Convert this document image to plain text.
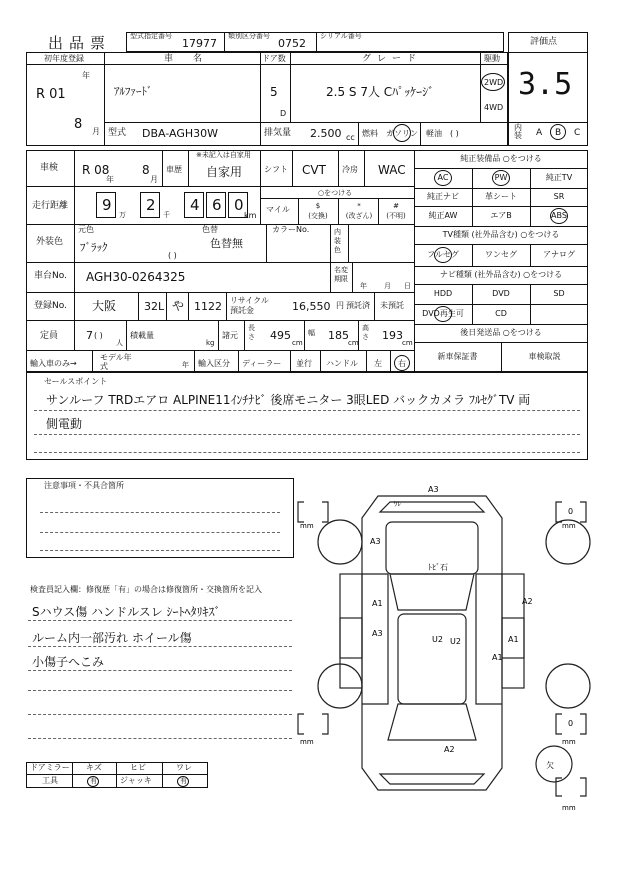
出品票	型式指定番号
17977
類別区分番号
0752
シリアル番号
評価点
3.5
初年度登録
R 01
年
8 月
車名
ｱﾙﾌｧｰﾄﾞ
ドア数
5
D
グレード
2.5 S 7人 Cﾊﾟｯｹｰｼﾞ
駆動
2WD
4WD
型式 DBA-AGH30W	排気量 2.500 cc 燃料 ガソリン 軽油 ( )
内装 A B C
車検 R 08
年
8
月
車歴
※未記入は自家用
自家用	シフト CVT 冷房 WAC
走行距離 9 2 4 6 0
万	千	km
○をつける
マイル	$
(交換)
*
(改ざん)
#
(不明)
外装色
元色
ﾌﾞﾗｯｸ
色替
色替無
( )
カラーNo.	内装色
車台No. AGH30-0264325	名変期限
年 月 日
登録No. 大阪	32L や 1122 リサイクル預託金	16,550 円 預託済 未預託
定員	7 ( )
人
積載量
kg
諸元
長さ 495
cm
幅 185
cm
高さ 193
cm
輸入車のみ→
モデル年式	年 輸入区分 ディーラー 並行 ハンドル 左 右
純正装備品 ○をつける
AC	PW	純正TV
純正ナビ	革シート	SR
純正AW	エアB	ABS
TV種類 (社外品含む) ○をつける
フルセグ	ワンセグ	アナログ
ナビ種類 (社外品含む) ○をつける
HDD	DVD	SD
DVD再生可	CD
後日発送品 ○をつける
新車保証書	車検取説
セールスポイント
サンルーフ TRDエアロ ALPINE11ｲﾝﾁﾅﾋﾞ 後席モニター 3眼LED バックカメラ ﾌﾙｾｸﾞTV 両
側電動
注意事項・不具合箇所
検査員記入欄：修復歴「有」の場合は修復箇所・交換箇所を記入
Sハウス傷 ハンドルスレ ｼｰﾄﾍﾀﾘｷｽﾞ
ルーム内一部汚れ ホイール傷
小傷子へこみ
ドアミラー キズ	ヒビ	ワレ
工具	有	ジャッキ	有
A3
ﾜﾚ
A3
ﾄﾋﾞ石
A1	A2
A3
U2 U2	A1
A1
A2
欠
mm	mm
mm	mm
mm
0
0
